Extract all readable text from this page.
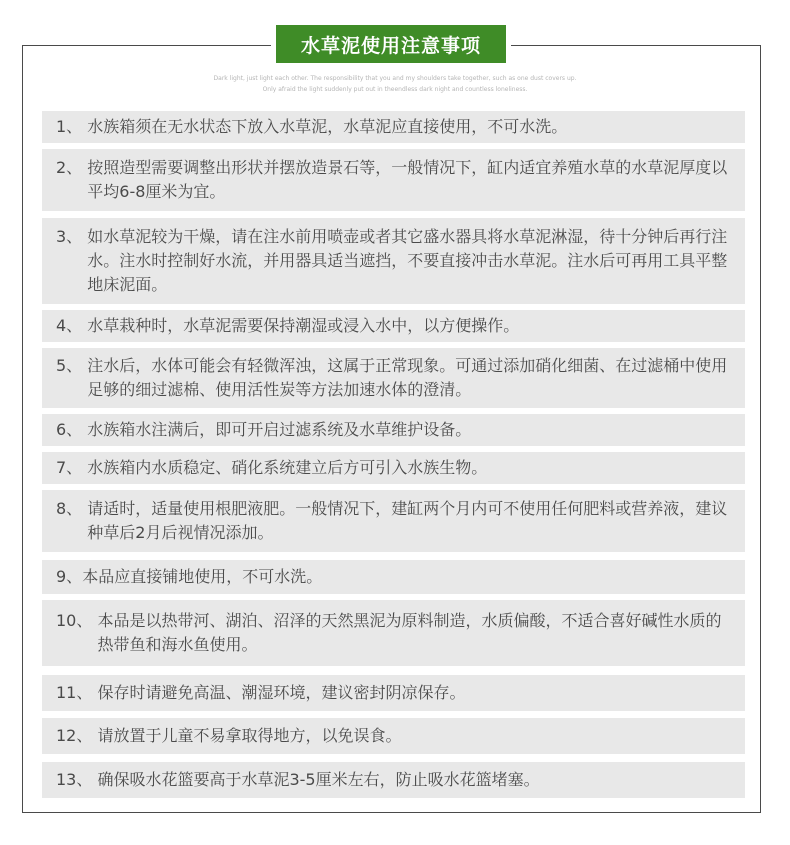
水草泥使用注意事项
Dark light, just light each other. The responsibility that you and my shoulders take together, such as one dust covers up.
Only afraid the light suddenly put out in theendless dark night and countless loneliness.
1、 水族箱须在无水状态下放入水草泥，水草泥应直接使用，不可水洗。
2、 按照造型需要调整出形状并摆放造景石等，一般情况下，缸内适宜养殖水草的水草泥厚度以平均6-8厘米为宜。
3、 如水草泥较为干燥，请在注水前用喷壶或者其它盛水器具将水草泥淋湿，待十分钟后再行注水。注水时控制好水流，并用器具适当遮挡，不要直接冲击水草泥。注水后可再用工具平整地床泥面。
4、 水草栽种时，水草泥需要保持潮湿或浸入水中，以方便操作。
5、 注水后，水体可能会有轻微浑浊，这属于正常现象。可通过添加硝化细菌、在过滤桶中使用足够的细过滤棉、使用活性炭等方法加速水体的澄清。
6、 水族箱水注满后，即可开启过滤系统及水草维护设备。
7、 水族箱内水质稳定、硝化系统建立后方可引入水族生物。
8、 请适时，适量使用根肥液肥。一般情况下，建缸两个月内可不使用任何肥料或营养液，建议种草后2月后视情况添加。
9、 本品应直接铺地使用，不可水洗。
10、 本品是以热带河、湖泊、沼泽的天然黑泥为原料制造，水质偏酸，不适合喜好碱性水质的热带鱼和海水鱼使用。
11、 保存时请避免高温、潮湿环境，建议密封阴凉保存。
12、 请放置于儿童不易拿取得地方，以免误食。
13、 确保吸水花篮要高于水草泥3-5厘米左右，防止吸水花篮堵塞。
